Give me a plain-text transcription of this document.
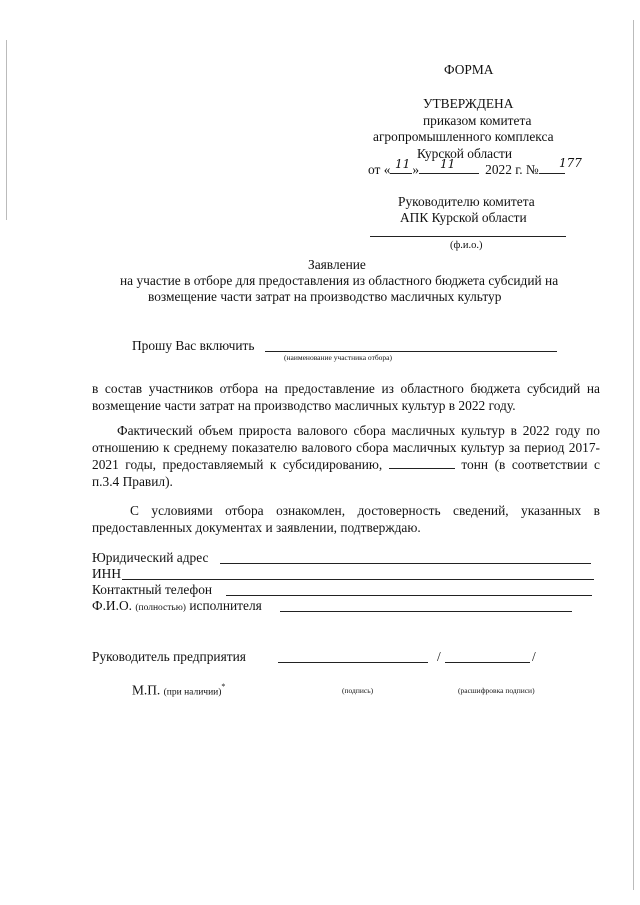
ФОРМА
УТВЕРЖДЕНА
приказом комитета
агропромышленного комплекса
Курской области
от « »	2022 г. №
11 11	177
Руководителю комитета
АПК Курской области
(ф.и.о.)
Заявление
на участие в отборе для предоставления из областного бюджета субсидий на
возмещение части затрат на производство масличных культур
Прошу Вас включить
(наименование участника отбора)
в состав участников отбора на предоставление из областного бюджета субсидий на возмещение части затрат на производство масличных культур в 2022 году.
Фактический объем прироста валового сбора масличных культур в 2022 году по отношению к среднему показателю валового сбора масличных культур за период 2017- 2021 годы, предоставляемый к субсидированию,	тонн (в соответствии с п.3.4 Правил).
С условиями отбора ознакомлен, достоверность сведений, указанных в предоставленных документах и заявлении, подтверждаю.
Юридический адрес
ИНН
Контактный телефон
Ф.И.О. (полностью) исполнителя
Руководитель предприятия	/	/
М.П. (при наличии)*	(подпись)	(расшифровка подписи)
